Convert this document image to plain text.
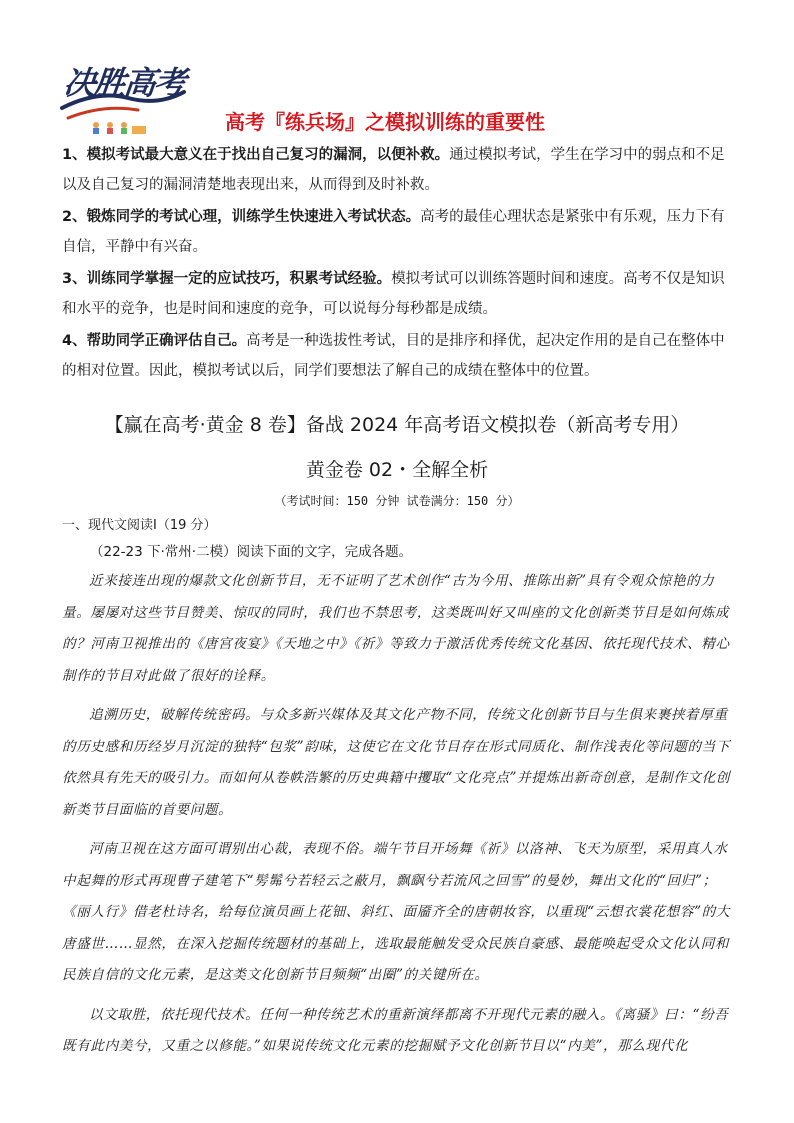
决胜高考
高考『练兵场』之模拟训练的重要性
1、模拟考试最大意义在于找出自己复习的漏洞，以便补救。通过模拟考试，学生在学习中的弱点和不足以及自己复习的漏洞清楚地表现出来，从而得到及时补救。
2、锻炼同学的考试心理，训练学生快速进入考试状态。高考的最佳心理状态是紧张中有乐观，压力下有自信，平静中有兴奋。
3、训练同学掌握一定的应试技巧，积累考试经验。模拟考试可以训练答题时间和速度。高考不仅是知识和水平的竞争，也是时间和速度的竞争，可以说每分每秒都是成绩。
4、帮助同学正确评估自己。高考是一种选拔性考试，目的是排序和择优，起决定作用的是自己在整体中的相对位置。因此，模拟考试以后，同学们要想法了解自己的成绩在整体中的位置。
【赢在高考·黄金 8 卷】备战 2024 年高考语文模拟卷（新高考专用）
黄金卷 02・全解全析
（考试时间：150 分钟 试卷满分：150 分）
一、现代文阅读Ⅰ（19 分）
（22-23 下·常州·二模）阅读下面的文字，完成各题。

近来接连出现的爆款文化创新节目，无不证明了艺术创作“古为今用、推陈出新”具有令观众惊艳的力量。屡屡对这些节目赞美、惊叹的同时，我们也不禁思考，这类既叫好又叫座的文化创新类节目是如何炼成的？河南卫视推出的《唐宫夜宴》《天地之中》《祈》等致力于激活优秀传统文化基因、依托现代技术、精心制作的节目对此做了很好的诠释。

追溯历史，破解传统密码。与众多新兴媒体及其文化产物不同，传统文化创新节目与生俱来裹挟着厚重的历史感和历经岁月沉淀的独特“包浆”韵味，这使它在文化节目存在形式同质化、制作浅表化等问题的当下依然具有先天的吸引力。而如何从卷帙浩繁的历史典籍中攫取“文化亮点”并提炼出新奇创意，是制作文化创新类节目面临的首要问题。

河南卫视在这方面可谓别出心裁，表现不俗。端午节目开场舞《祈》以洛神、飞天为原型，采用真人水中起舞的形式再现曹子建笔下“髣髴兮若轻云之蔽月，飘飖兮若流风之回雪”的曼妙，舞出文化的“回归”；《丽人行》借老杜诗名，给每位演员画上花钿、斜红、面靥齐全的唐朝妆容，以重现“云想衣裳花想容”的大唐盛世……显然，在深入挖掘传统题材的基础上，选取最能触发受众民族自豪感、最能唤起受众文化认同和民族自信的文化元素，是这类文化创新节目频频“出圈”的关键所在。

以文取胜，依托现代技术。任何一种传统艺术的重新演绎都离不开现代元素的融入。《离骚》曰：“纷吾既有此内美兮，又重之以修能。”如果说传统文化元素的挖掘赋予文化创新节目以“内美”，那么现代化
